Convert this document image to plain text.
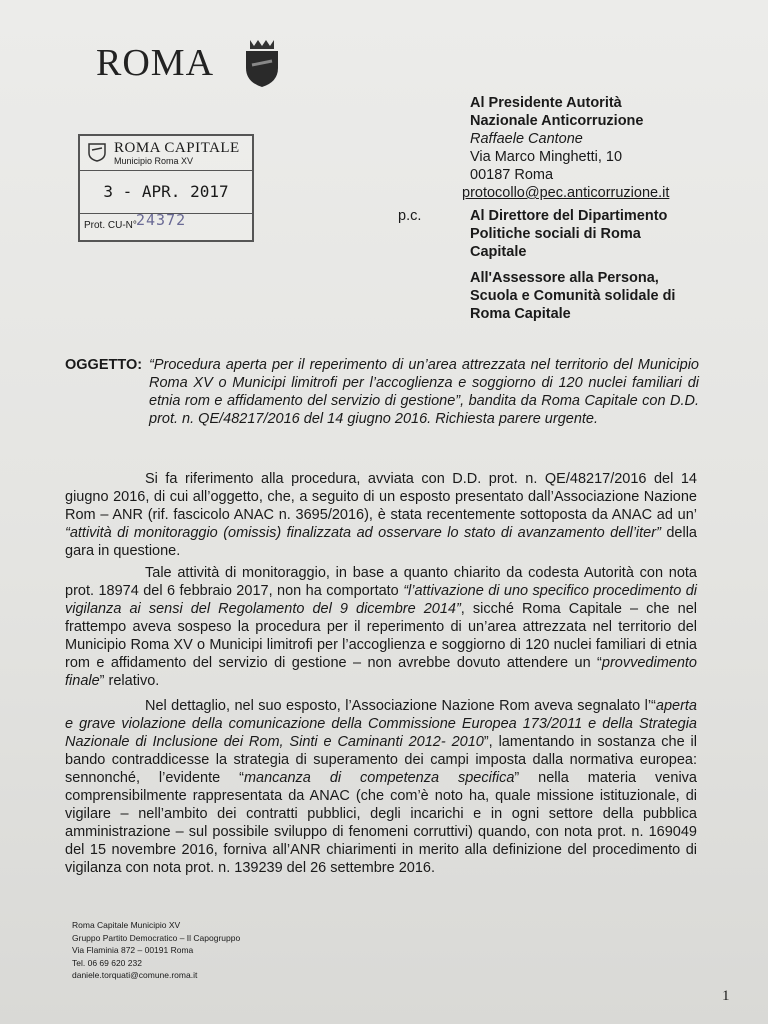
ROMA
ROMA CAPITALE
Municipio Roma XV
3 - APR. 2017
Prot. CU-N° 24372
Al Presidente Autorità
Nazionale Anticorruzione
Raffaele Cantone
Via Marco Minghetti, 10
00187 Roma
protocollo@pec.anticorruzione.it
p.c.	Al Direttore del Dipartimento
Politiche sociali di Roma
Capitale
All'Assessore alla Persona,
Scuola e Comunità solidale di
Roma Capitale
OGGETTO: “Procedura aperta per il reperimento di un’area attrezzata nel territorio del Municipio Roma XV o Municipi limitrofi per l’accoglienza e soggiorno di 120 nuclei familiari di etnia rom e affidamento del servizio di gestione”, bandita da Roma Capitale con D.D. prot. n. QE/48217/2016 del 14 giugno 2016. Richiesta parere urgente.

Si fa riferimento alla procedura, avviata con D.D. prot. n. QE/48217/2016 del 14 giugno 2016, di cui all’oggetto, che, a seguito di un esposto presentato dall’Associazione Nazione Rom – ANR (rif. fascicolo ANAC n. 3695/2016), è stata recentemente sottoposta da ANAC ad un’ “attività di monitoraggio (omissis) finalizzata ad osservare lo stato di avanzamento dell’iter” della gara in questione.

Tale attività di monitoraggio, in base a quanto chiarito da codesta Autorità con nota prot. 18974 del 6 febbraio 2017, non ha comportato “l’attivazione di uno specifico procedimento di vigilanza ai sensi del Regolamento del 9 dicembre 2014”, sicché Roma Capitale – che nel frattempo aveva sospeso la procedura per il reperimento di un’area attrezzata nel territorio del Municipio Roma XV o Municipi limitrofi per l’accoglienza e soggiorno di 120 nuclei familiari di etnia rom e affidamento del servizio di gestione – non avrebbe dovuto attendere un “provvedimento finale” relativo.

Nel dettaglio, nel suo esposto, l’Associazione Nazione Rom aveva segnalato l’“aperta e grave violazione della comunicazione della Commissione Europea 173/2011 e della Strategia Nazionale di Inclusione dei Rom, Sinti e Caminanti 2012- 2010”, lamentando in sostanza che il bando contraddicesse la strategia di superamento dei campi imposta dalla normativa europea: sennonché, l’evidente “mancanza di competenza specifica” nella materia veniva comprensibilmente rappresentata da ANAC (che com’è noto ha, quale missione istituzionale, di vigilare – nell’ambito dei contratti pubblici, degli incarichi e in ogni settore della pubblica amministrazione – sul possibile sviluppo di fenomeni corruttivi) quando, con nota prot. n. 169049 del 15 novembre 2016, forniva all’ANR chiarimenti in merito alla definizione del procedimento di vigilanza con nota prot. n. 139239 del 26 settembre 2016.

Roma Capitale Municipio XV
Gruppo Partito Democratico – Il Capogruppo
Via Flaminia 872 – 00191 Roma
Tel. 06 69 620 232
daniele.torquati@comune.roma.it
1
